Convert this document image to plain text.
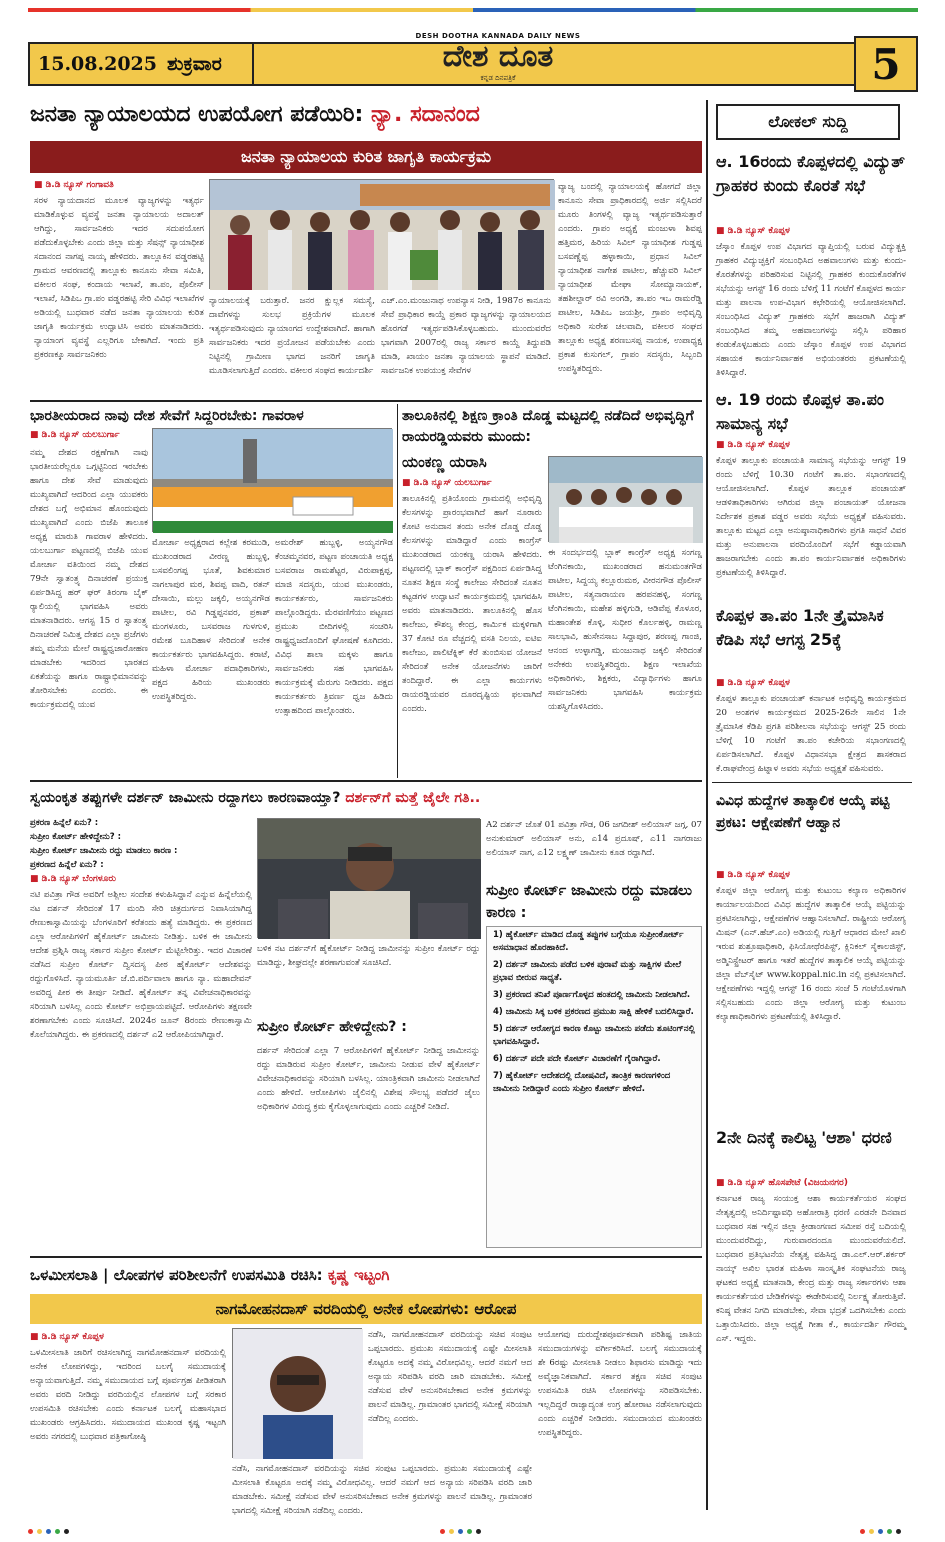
15.08.2025 ಶುಕ್ರವಾರ
DESH DOOTHA KANNADA DAILY NEWS
ದೇಶ ದೂತ
ಕನ್ನಡ ದಿನಪತ್ರಿಕೆ	5
ಜನತಾ ನ್ಯಾಯಾಲಯದ ಉಪಯೋಗ ಪಡೆಯಿರಿ: ನ್ಯಾ. ಸದಾನಂದ
ಜನತಾ ನ್ಯಾಯಾಲಯ ಕುರಿತ ಜಾಗೃತಿ ಕಾರ್ಯಕ್ರಮ
■ ಡಿ.ಡಿ ನ್ಯೂಸ್ ಗಂಗಾವತಿ
ಸರಳ ನ್ಯಾಯದಾನದ ಮೂಲಕ ವ್ಯಾಜ್ಯಗಳನ್ನು ಇತ್ಯರ್ಥ ಮಾಡಿಕೊಳ್ಳುವ ವ್ಯವಸ್ಥೆ ಜನತಾ ನ್ಯಾಯಾಲಯ ಅದಾಲತ್ ಆಗಿದ್ದು, ಸಾರ್ವಜನಿಕರು ಇದರ ಸದುಪಯೋಗ ಪಡೆದುಕೊಳ್ಳಬೇಕು ಎಂದು ಜಿಲ್ಲಾ ಮತ್ತು ಸೆಷನ್ಸ್ ನ್ಯಾಯಾಧೀಶ ಸದಾನಂದ ನಾಗಪ್ಪ ನಾಯ್ಕ ಹೇಳಿದರು. ತಾಲ್ಲೂಕಿನ ವಡ್ಡರಹಟ್ಟಿ ಗ್ರಾಮದ ಆವರಣದಲ್ಲಿ ತಾಲ್ಲೂಕು ಕಾನೂನು ಸೇವಾ ಸಮಿತಿ, ವಕೀಲರ ಸಂಘ, ಕಂದಾಯ ಇಲಾಖೆ, ತಾ.ಪಂ, ಪೊಲೀಸ್ ಇಲಾಖೆ, ಸಿಡಿಪಿಒ ಗ್ರಾ.ಪಂ ವಡ್ಡರಹಟ್ಟಿ ಸೇರಿ ವಿವಿಧ ಇಲಾಖೆಗಳ ಅಡಿಯಲ್ಲಿ ಬುಧವಾರ ನಡೆದ ಜನತಾ ನ್ಯಾಯಾಲಯ ಕುರಿತ ಜಾಗೃತಿ ಕಾರ್ಯಕ್ರಮ ಉದ್ಘಾಟಿಸಿ ಅವರು ಮಾತನಾಡಿದರು. ನ್ಯಾಯಾಂಗ ವ್ಯವಸ್ಥೆ ಎಲ್ಲರಿಗೂ ಬೇಕಾಗಿದೆ. ಇಂದು ಪ್ರತಿ ಪ್ರಕರಣಕ್ಕೂ ಸಾರ್ವಜನಿಕರು
ನ್ಯಾಯಾಲಯಕ್ಕೆ ಬರುತ್ತಾರೆ. ಜನರ ಕ್ಷುಲ್ಲಕ ಸಮಸ್ಯೆ, ದಾವೆಗಳನ್ನು ಸುಲಭ ಪ್ರಕ್ರಿಯೆಗಳ ಮೂಲಕ ಇತ್ಯರ್ಥಪಡಿಸುವುದು ನ್ಯಾಯಾಂಗದ ಉದ್ದೇಶವಾಗಿದೆ. ಹಾಗಾಗಿ ಸಾರ್ವಜನಿಕರು ಇದರ ಪ್ರಯೋಜನ ಪಡೆಯಬೇಕು ಎಂದು ನಿಟ್ಟಿನಲ್ಲಿ ಗ್ರಾಮೀಣ ಭಾಗದ ಜನರಿಗೆ ಜಾಗೃತಿ ಮೂಡಿಸಲಾಗುತ್ತಿದೆ ಎಂದರು. ವಕೀಲರ ಸಂಘದ ಕಾರ್ಯದರ್ಶಿ
ಎಚ್.ಎಂ.ಮಂಜುನಾಥ ಉಪನ್ಯಾಸ ನೀಡಿ, 1987ರ ಕಾನೂನು ಸೇವೆ ಪ್ರಾಧಿಕಾರ ಕಾಯ್ದೆ ಪ್ರಕಾರ ವ್ಯಾಜ್ಯಗಳನ್ನು ನ್ಯಾಯಾಲಯದ ಹೊರಗಡೆ ಇತ್ಯರ್ಥಪಡಿಸಿಕೊಳ್ಳಬಹುದು. ಮುಂದುವರೆದ ಭಾಗವಾಗಿ 2007ರಲ್ಲಿ ರಾಜ್ಯ ಸರ್ಕಾರ ಕಾಯ್ದೆ ತಿದ್ದುಪಡಿ ಮಾಡಿ, ಖಾಯಂ ಜನತಾ ನ್ಯಾಯಾಲಯ ಸ್ಥಾಪನೆ ಮಾಡಿದೆ. ಸಾರ್ವಜನಿಕ ಉಪಯುಕ್ತ ಸೇವೆಗಳ
ವ್ಯಾಜ್ಯ ಬಂದಲ್ಲಿ ನ್ಯಾಯಾಲಯಕ್ಕೆ ಹೋಗದೆ ಜಿಲ್ಲಾ ಕಾನೂನು ಸೇವಾ ಪ್ರಾಧಿಕಾರದಲ್ಲಿ ಅರ್ಜಿ ಸಲ್ಲಿಸಿದರೆ ಮೂರು ತಿಂಗಳಲ್ಲಿ ವ್ಯಾಜ್ಯ ಇತ್ಯರ್ಥಪಡಿಸುತ್ತಾರೆ ಎಂದರು. ಗ್ರಾಪಂ ಅಧ್ಯಕ್ಷೆ ಮಂಜುಳಾ ಶಿವಪ್ಪ ಹತ್ತಿಮರ, ಹಿರಿಯ ಸಿವಿಲ್ ನ್ಯಾಯಾಧೀಶ ಗುಡ್ಡಪ್ಪ ಬಸವಣ್ಣೆಪ್ಪ ಹಳ್ಳಾಕಾಯಿ, ಪ್ರಧಾನ ಸಿವಿಲ್ ನ್ಯಾಯಾಧೀಶ ನಾಗೇಶ ಪಾಟೀಲ, ಹೆಚ್ಚುವರಿ ಸಿವಿಲ್ ನ್ಯಾಯಾಧೀಶ ಮೇಘಾ ಸೋಮ್ಯಾನಾಯಕ್, ತಹಶೀಲ್ದಾರ್ ರವಿ ಅಂಗಡಿ, ತಾ.ಪಂ ಇಒ ರಾಮರೆಡ್ಡಿ ಪಾಟೀಲ, ಸಿಡಿಪಿಒ ಜಯಶ್ರೀ, ಗ್ರಾಪಂ ಅಭಿವೃದ್ಧಿ ಅಧಿಕಾರಿ ಸುರೇಶ ಚಲವಾದಿ, ವಕೀಲರ ಸಂಘದ ತಾಲ್ಲೂಕು ಅಧ್ಯಕ್ಷ ಶರಣಬಸಪ್ಪ ನಾಯಕ, ಉಪಾಧ್ಯಕ್ಷ ಪ್ರಕಾಶ ಕುಸುಗಲ್, ಗ್ರಾಪಂ ಸದಸ್ಯರು, ಸಿಬ್ಬಂದಿ ಉಪಸ್ಥಿತರಿದ್ದರು.
ಭಾರತೀಯರಾದ ನಾವು ದೇಶ ಸೇವೆಗೆ ಸಿದ್ದರಿರಬೇಕು: ಗಾವರಾಳ
■ ಡಿ.ಡಿ ನ್ಯೂಸ್ ಯಲಬುರ್ಗಾ
ನಮ್ಮ ದೇಶದ ರಕ್ಷಣೆಗಾಗಿ ನಾವು ಭಾರತೀಯರೆಲ್ಲರೂ ಒಗ್ಗಟ್ಟಿನಿಂದ ಇರಬೇಕು ಹಾಗೂ ದೇಶ ಸೇವೆ ಮಾಡುವುದು ಮುಖ್ಯವಾಗಿದೆ ಆದರಿಂದ ಎಲ್ಲಾ ಯುವಕರು ದೇಶದ ಬಗ್ಗೆ ಅಭಿಮಾನ ಹೊಂದುವುದು ಮುಖ್ಯವಾಗಿದೆ ಎಂದು ಬಿಜೆಪಿ ತಾಲೂಕ ಅಧ್ಯಕ್ಷ ಮಾರುತಿ ಗಾವರಾಳ ಹೇಳಿದರು. ಯಲಬುರ್ಗಾ ಪಟ್ಟಣದಲ್ಲಿ ಬಿಜೆಪಿ ಯುವ ಮೋರ್ಚಾ ವತಿಯಿಂದ ನಮ್ಮ ದೇಶದ 79ನೇ ಸ್ವಾತಂತ್ರ್ಯ ದಿನಾಚರಣೆ ಪ್ರಯುಕ್ತ ಏರ್ಪಡಿಸಿದ್ದ ಹರ್ ಘರ್ ತಿರಂಗಾ ಬೈಕ್ ರ‍್ಯಾಲಿಯಲ್ಲಿ ಭಾಗವಹಿಸಿ ಅವರು ಮಾತನಾಡಿದರು. ಆಗಸ್ಟ 15 ರ ಸ್ವಾತಂತ್ರ್ಯ ದಿನಾಚರಣೆ ನಿಮಿತ್ತ ದೇಶದ ಎಲ್ಲಾ ಪ್ರಜೆಗಳು ತಮ್ಮ ಮನೆಯ ಮೇಲೆ ರಾಷ್ಟ್ರಧ್ವಜಾರೋಹಣ ಮಾಡಬೇಕು ಇದರಿಂದ ಭಾರತದ ಏಕತೆಯನ್ನು ಹಾಗೂ ರಾಷ್ಟ್ರಾಭಿಮಾನವನ್ನು ತೋರಿಸಬೇಕು ಎಂದರು. ಈ ಕಾರ್ಯಕ್ರಮದಲ್ಲಿ ಯುವ
ಮೋರ್ಚಾ ಅಧ್ಯಕ್ಷರಾದ ಕಲ್ಲೇಶ ಕರಮುಡಿ, ಮುಖಂಡರಾದ ವೀರಣ್ಣ ಹುಬ್ಬಳ್ಳಿ, ಬಸವಲಿಂಗಪ್ಪ ಭೂತೆ, ಶಿವಕುಮಾರ ನಾಗಲಾಪುರ ಮಠ, ಶಿವಪ್ಪ ವಾದಿ, ರತನ್ ದೇಸಾಯಿ, ಮಲ್ಲು ಜಕ್ಕಲಿ, ಅಯ್ಯನಗೌಡ ಪಾಟೀಲ, ರವಿ ಗಿಡ್ಡಪ್ಪನವರ, ಪ್ರಕಾಶ್ ಮಂಗಳೂರು, ಬಸವರಾಜ ಗುಳಗುಳಿ, ರಮೇಶ ಬೂದಿಹಾಳ ಸೇರಿದಂತೆ ಅನೇಕ ಕಾರ್ಯಕರ್ತರು ಭಾಗವಹಿಸಿದ್ದರು. ಕರಾಟೆ, ಮಹಿಳಾ ಮೋರ್ಚಾ ಪದಾಧಿಕಾರಿಗಳು, ಪಕ್ಷದ ಹಿರಿಯ ಮುಖಂಡರು ಉಪಸ್ಥಿತರಿದ್ದರು.
ಅಮರೇಶ್ ಹುಬ್ಬಳ್ಳಿ, ಅಯ್ಯನಗೌಡ ಕೆಂಚಮ್ಮನವರ, ಪಟ್ಟಣ ಪಂಚಾಯತಿ ಅಧ್ಯಕ್ಷ ಬಸವರಾಜ ರಾಮಶೆಟ್ಟರ, ವಿರುಪಾಕ್ಷಪ್ಪ, ಮಾಜಿ ಸದಸ್ಯರು, ಯುವ ಮುಖಂಡರು, ಕಾರ್ಯಕರ್ತರು, ಸಾರ್ವಜನಿಕರು ಪಾಲ್ಗೊಂಡಿದ್ದರು. ಮೆರವಣಿಗೆಯು ಪಟ್ಟಣದ ಪ್ರಮುಖ ಬೀದಿಗಳಲ್ಲಿ ಸಂಚರಿಸಿ ರಾಷ್ಟ್ರಧ್ವಜದೊಂದಿಗೆ ಘೋಷಣೆ ಕೂಗಿದರು. ವಿವಿಧ ಶಾಲಾ ಮಕ್ಕಳು ಹಾಗೂ ಸಾರ್ವಜನಿಕರು ಸಹ ಭಾಗವಹಿಸಿ ಕಾರ್ಯಕ್ರಮಕ್ಕೆ ಮೆರುಗು ನೀಡಿದರು. ಪಕ್ಷದ ಕಾರ್ಯಕರ್ತರು ತ್ರಿವರ್ಣ ಧ್ವಜ ಹಿಡಿದು ಉತ್ಸಾಹದಿಂದ ಪಾಲ್ಗೊಂಡರು.
ತಾಲೂಕಿನಲ್ಲಿ ಶಿಕ್ಷಣ ಕ್ರಾಂತಿ ದೊಡ್ಡ ಮಟ್ಟದಲ್ಲಿ ನಡೆದಿದೆ ಅಭಿವೃದ್ಧಿಗೆ ರಾಯರಡ್ಡಿಯವರು ಮುಂದು:
ಯಂಕಣ್ಣ ಯರಾಸಿ
■ ಡಿ.ಡಿ ನ್ಯೂಸ್ ಯಲಬುರ್ಗಾ
ತಾಲೂಕಿನಲ್ಲಿ ಪ್ರತಿಯೊಂದು ಗ್ರಾಮದಲ್ಲಿ ಅಭಿವೃದ್ಧಿ ಕೆಲಸಗಳನ್ನು ಪ್ರಾರಂಭವಾಗಿದೆ ಹಾಗೆ ನೂರಾರು ಕೋಟಿ ಅನುದಾನ ತಂದು ಅನೇಕ ದೊಡ್ಡ ದೊಡ್ಡ ಕೆಲಸಗಳನ್ನು ಮಾಡಿದ್ದಾರೆ ಎಂದು ಕಾಂಗ್ರೆಸ್ ಮುಖಂಡರಾದ ಯಂಕಣ್ಣ ಯರಾಸಿ ಹೇಳಿದರು. ಪಟ್ಟಣದಲ್ಲಿ ಬ್ಲಾಕ್ ಕಾಂಗ್ರೆಸ್ ಪಕ್ಷದಿಂದ ಏರ್ಪಡಿಸಿದ್ದ ನೂತನ ಶಿಕ್ಷಣ ಸಂಸ್ಥೆ ಕಾಲೇಜು ಸೇರಿದಂತೆ ನೂತನ ಕಟ್ಟಡಗಳ ಉದ್ಘಾಟನೆ ಕಾರ್ಯಕ್ರಮದಲ್ಲಿ ಭಾಗವಹಿಸಿ ಅವರು ಮಾತನಾಡಿದರು. ತಾಲೂಕಿನಲ್ಲಿ ಹೊಸ ಕಾಲೇಜು, ಕೌಶಲ್ಯ ಕೇಂದ್ರ, ಕಾರ್ಮಿಕ ಮಕ್ಕಳಿಗಾಗಿ 37 ಕೋಟಿ ರೂ ವೆಚ್ಚದಲ್ಲಿ ವಸತಿ ನಿಲಯ, ಐಟಿಐ ಕಾಲೇಜು, ಪಾಲಿಟೆಕ್ನಿಕ್ ಕೆರೆ ತುಂಬಿಸುವ ಯೋಜನೆ ಸೇರಿದಂತೆ ಅನೇಕ ಯೋಜನೆಗಳು ಜಾರಿಗೆ ತಂದಿದ್ದಾರೆ. ಈ ಎಲ್ಲಾ ಕಾರ್ಯಗಳು ರಾಯರಡ್ಡಿಯವರ ದೂರದೃಷ್ಟಿಯ ಫಲವಾಗಿದೆ ಎಂದರು.
ಈ ಸಂದರ್ಭದಲ್ಲಿ ಬ್ಲಾಕ್ ಕಾಂಗ್ರೆಸ್ ಅಧ್ಯಕ್ಷ ಸಂಗಣ್ಣ ಟೆಂಗಿನಕಾಯಿ, ಮುಖಂಡರಾದ ಹನುಮಂತಗೌಡ ಪಾಟೀಲ, ಸಿದ್ದಯ್ಯ ಕಲ್ಲೂರುಮಠ, ವೀರನಗೌಡ ಪೊಲೀಸ್ ಪಾಟೀಲ, ಸತ್ಯನಾರಾಯಣ ಹರಪನಹಳ್ಳಿ, ಸಂಗಣ್ಣ ಟೆಂಗಿನಕಾಯಿ, ಮಹೇಶ ಹಳ್ಳಿಗುಡಿ, ಆಡಿವೆಪ್ಪ ಕೊಳೂರ, ಮಹಾಂತೇಶ ಕೊಳ್ಳಿ, ಸುಧೀರ ಕೊರ್ಲಹಳ್ಳಿ, ರಾಮಣ್ಣ ಸಾಲಭಾವಿ, ಹುಸೇನಸಾಬ ಸಿದ್ದಾಪುರ, ಶರಣಪ್ಪ ಗಾಂಜಿ, ಆನಂದ ಉಳ್ಳಾಗಡ್ಡಿ, ಮಂಜುನಾಥ ಜಕ್ಕಲಿ ಸೇರಿದಂತೆ ಅನೇಕರು ಉಪಸ್ಥಿತರಿದ್ದರು. ಶಿಕ್ಷಣ ಇಲಾಖೆಯ ಅಧಿಕಾರಿಗಳು, ಶಿಕ್ಷಕರು, ವಿದ್ಯಾರ್ಥಿಗಳು ಹಾಗೂ ಸಾರ್ವಜನಿಕರು ಭಾಗವಹಿಸಿ ಕಾರ್ಯಕ್ರಮ ಯಶಸ್ವಿಗೊಳಿಸಿದರು.
ಸ್ವಯಂಕೃತ ತಪ್ಪುಗಳೇ ದರ್ಶನ್ ಜಾಮೀನು ರದ್ದಾಗಲು ಕಾರಣವಾಯ್ತಾ? ದರ್ಶನ್‌ಗೆ ಮತ್ತೆ ಜೈಲೇ ಗತಿ..
ಪ್ರಕರಣ ಹಿನ್ನೆಲೆ ಏನು? :
ಸುಪ್ರೀಂ ಕೋರ್ಟ್ ಹೇಳಿದ್ದೇನು? :
ಸುಪ್ರೀಂ ಕೋರ್ಟ್ ಜಾಮೀನು ರದ್ದು ಮಾಡಲು ಕಾರಣ :
ಪ್ರಕರಣದ ಹಿನ್ನೆಲೆ ಏನು? :
■ ಡಿ.ಡಿ ನ್ಯೂಸ್ ಬೆಂಗಳೂರು
ನಟಿ ಪವಿತ್ರಾ ಗೌಡ ಅವರಿಗೆ ಅಶ್ಲೀಲ ಸಂದೇಶ ಕಳುಹಿಸಿದ್ದಾನೆ ಎನ್ನುವ ಹಿನ್ನೆಲೆಯಲ್ಲಿ ನಟ ದರ್ಶನ್ ಸೇರಿದಂತೆ 17 ಮಂದಿ ಸೇರಿ ಚಿತ್ರದುರ್ಗದ ನಿವಾಸಿಯಾಗಿದ್ದ ರೇಣುಕಾಸ್ವಾಮಿಯನ್ನು ಬೆಂಗಳೂರಿಗೆ ಕರೆತಂದು ಹತ್ಯೆ ಮಾಡಿದ್ದರು. ಈ ಪ್ರಕರಣದ ಎಲ್ಲಾ ಆರೋಪಿಗಳಿಗೆ ಹೈಕೋರ್ಟ್ ಜಾಮೀನು ನೀಡಿತ್ತು. ಬಳಿಕ ಈ ಜಾಮೀನು ಆದೇಶ ಪ್ರಶ್ನಿಸಿ ರಾಜ್ಯ ಸರ್ಕಾರ ಸುಪ್ರೀಂ ಕೋರ್ಟ್ ಮೆಟ್ಟಿಲೇರಿತ್ತು. ಇದರ ವಿಚಾರಣೆ ನಡೆಸಿದ ಸುಪ್ರೀಂ ಕೋರ್ಟ್ ದ್ವಿಸದಸ್ಯ ಪೀಠ ಹೈಕೋರ್ಟ್ ಆದೇಶವನ್ನು ರದ್ದುಗೊಳಿಸಿದೆ. ನ್ಯಾಯಮೂರ್ತಿ ಜೆ.ಬಿ.ಪರ್ದಿವಾಲಾ ಹಾಗೂ ನ್ಯಾ. ಮಹಾದೇವನ್ ಅವರಿದ್ದ ಪೀಠ ಈ ತೀರ್ಪು ನೀಡಿದೆ. ಹೈಕೋರ್ಟ್ ತನ್ನ ವಿವೇಚನಾಧಿಕಾರವನ್ನು ಸರಿಯಾಗಿ ಬಳಸಿಲ್ಲ ಎಂದು ಕೋರ್ಟ್ ಅಭಿಪ್ರಾಯಪಟ್ಟಿದೆ. ಆರೋಪಿಗಳು ತಕ್ಷಣವೇ ಶರಣಾಗಬೇಕು ಎಂದು ಸೂಚಿಸಿದೆ. 2024ರ ಜೂನ್ 8ರಂದು ರೇಣುಕಾಸ್ವಾಮಿ ಕೊಲೆಯಾಗಿದ್ದರು. ಈ ಪ್ರಕರಣದಲ್ಲಿ ದರ್ಶನ್ ಎ2 ಆರೋಪಿಯಾಗಿದ್ದಾರೆ.
ಬಳಿಕ ನಟ ದರ್ಶನ್‌ಗೆ ಹೈಕೋರ್ಟ್ ನೀಡಿದ್ದ ಜಾಮೀನನ್ನು ಸುಪ್ರೀಂ ಕೋರ್ಟ್ ರದ್ದು ಮಾಡಿದ್ದು, ಶೀಘ್ರದಲ್ಲೇ ಶರಣಾಗುವಂತೆ ಸೂಚಿಸಿದೆ.
ಸುಪ್ರೀಂ ಕೋರ್ಟ್ ಹೇಳಿದ್ದೇನು? :
ದರ್ಶನ್ ಸೇರಿದಂತೆ ಎಲ್ಲಾ 7 ಆರೋಪಿಗಳಿಗೆ ಹೈಕೋರ್ಟ್ ನೀಡಿದ್ದ ಜಾಮೀನನ್ನು ರದ್ದು ಮಾಡಿರುವ ಸುಪ್ರೀಂ ಕೋರ್ಟ್, ಜಾಮೀನು ನೀಡುವ ವೇಳೆ ಹೈಕೋರ್ಟ್ ವಿವೇಚನಾಧಿಕಾರವನ್ನು ಸರಿಯಾಗಿ ಬಳಸಿಲ್ಲ. ಯಾಂತ್ರಿಕವಾಗಿ ಜಾಮೀನು ನೀಡಲಾಗಿದೆ ಎಂದು ಹೇಳಿದೆ. ಆರೋಪಿಗಳು ಜೈಲಿನಲ್ಲಿ ವಿಶೇಷ ಸೌಲಭ್ಯ ಪಡೆದರೆ ಜೈಲು ಅಧಿಕಾರಿಗಳ ವಿರುದ್ಧ ಕ್ರಮ ಕೈಗೊಳ್ಳಲಾಗುವುದು ಎಂದು ಎಚ್ಚರಿಕೆ ನೀಡಿದೆ.
A2 ದರ್ಶನ್ ಜೊತೆ 01 ಪವಿತ್ರಾ ಗೌಡ, 06 ಜಗದೀಶ್ ಅಲಿಯಾಸ್ ಜಗ್ಗ, 07 ಅನುಕುಮಾರ್ ಅಲಿಯಾಸ್ ಅನು, ಎ14 ಪ್ರದೂಷ್, ಎ11 ನಾಗರಾಜು ಅಲಿಯಾಸ್ ನಾಗ, ಎ12 ಲಕ್ಷ್ಮಣ್ ಜಾಮೀನು ಕೂಡ ರದ್ದಾಗಿದೆ.
ಸುಪ್ರೀಂ ಕೋರ್ಟ್ ಜಾಮೀನು ರದ್ದು ಮಾಡಲು ಕಾರಣ :
1) ಹೈಕೋರ್ಟ್ ಮಾಡಿದ ದೊಡ್ಡ ತಪ್ಪುಗಳ ಬಗ್ಗೆಯೂ ಸುಪ್ರೀಂಕೋರ್ಟ್ ಅಸಮಾಧಾನ ಹೊರಹಾಕಿದೆ.
2) ದರ್ಶನ್ ಜಾಮೀನು ಪಡೆದ ಬಳಿಕ ಪುರಾವೆ ಮತ್ತು ಸಾಕ್ಷಿಗಳ ಮೇಲೆ ಪ್ರಭಾವ ಬೀರುವ ಸಾಧ್ಯತೆ.
3) ಪ್ರಕರಣದ ತನಿಖೆ ಪೂರ್ಣಗೊಳ್ಳದ ಹಂತದಲ್ಲಿ ಜಾಮೀನು ನೀಡಲಾಗಿದೆ.
4) ಜಾಮೀನು ಸಿಕ್ಕ ಬಳಿಕ ಪ್ರಕರಣದ ಪ್ರಮುಖ ಸಾಕ್ಷಿ ಹೇಳಿಕೆ ಬದಲಿಸಿದ್ದಾರೆ.
5) ದರ್ಶನ್ ಆರೋಗ್ಯದ ಕಾರಣ ಕೊಟ್ಟು ಜಾಮೀನು ಪಡೆದು ಶೂಟಿಂಗ್‌ನಲ್ಲಿ ಭಾಗವಹಿಸಿದ್ದಾರೆ.
6) ದರ್ಶನ್ ಪದೇ ಪದೇ ಕೋರ್ಟ್ ವಿಚಾರಣೆಗೆ ಗೈರಾಗಿದ್ದಾರೆ.
7) ಹೈಕೋರ್ಟ್ ಆದೇಶದಲ್ಲಿ ದೋಷವಿದೆ, ತಾಂತ್ರಿಕ ಕಾರಣಗಳಿಂದ ಜಾಮೀನು ನೀಡಿದ್ದಾರೆ ಎಂದು ಸುಪ್ರೀಂ ಕೋರ್ಟ್ ಹೇಳಿದೆ.
ಒಳಮೀಸಲಾತಿ | ಲೋಪಗಳ ಪರಿಶೀಲನೆಗೆ ಉಪಸಮಿತಿ ರಚಿಸಿ: ಕೃಷ್ಣ ಇಟ್ಟಂಗಿ
ನಾಗಮೋಹನದಾಸ್ ವರದಿಯಲ್ಲಿ ಅನೇಕ ಲೋಪಗಳು: ಆರೋಪ
■ ಡಿ.ಡಿ ನ್ಯೂಸ್ ಕೊಪ್ಪಳ
ಒಳಮೀಸಲಾತಿ ಜಾರಿಗೆ ರಚಿಸಲಾಗಿದ್ದ ನಾಗಮೋಹನದಾಸ್ ವರದಿಯಲ್ಲಿ ಅನೇಕ ಲೋಪಗಳಿದ್ದು, ಇದರಿಂದ ಬಲಗೈ ಸಮುದಾಯಕ್ಕೆ ಅನ್ಯಾಯವಾಗುತ್ತಿದೆ. ನಮ್ಮ ಸಮುದಾಯದ ಬಗ್ಗೆ ಪೂರ್ವಗ್ರಹ ಪೀಡಿತರಾಗಿ ಅವರು ವರದಿ ನೀಡಿದ್ದು ವರದಿಯಲ್ಲಿನ ಲೋಪಗಳ ಬಗ್ಗೆ ಸರಕಾರ ಉಪಸಮಿತಿ ರಚಿಸಬೇಕು ಎಂದು ಕರ್ನಾಟಕ ಬಲಗೈ ಮಹಾಸಭಾದ ಮುಖಂಡರು ಆಗ್ರಹಿಸಿದರು. ಸಮುದಾಯದ ಮುಖಂಡ ಕೃಷ್ಣ ಇಟ್ಟಂಗಿ ಅವರು ನಗರದಲ್ಲಿ ಬುಧವಾರ ಪತ್ರಿಕಾಗೋಷ್ಠಿ
ನಡೆಸಿ, ನಾಗಮೋಹನದಾಸ್ ವರದಿಯನ್ನು ಸಚಿವ ಸಂಪುಟ ಒಪ್ಪಬಾರದು. ಪ್ರಮುಖ ಸಮುದಾಯಕ್ಕೆ ಎಷ್ಟೇ ಮೀಸಲಾತಿ ಕೊಟ್ಟರೂ ಅದಕ್ಕೆ ನಮ್ಮ ವಿರೋಧವಿಲ್ಲ. ಆದರೆ ನಮಗೆ ಆದ ಅನ್ಯಾಯ ಸರಿಪಡಿಸಿ ವರದಿ ಜಾರಿ ಮಾಡಬೇಕು. ಸಮೀಕ್ಷೆ ನಡೆಸುವ ವೇಳೆ ಅನುಸರಿಸಬೇಕಾದ ಅನೇಕ ಕ್ರಮಗಳನ್ನು ಪಾಲನೆ ಮಾಡಿಲ್ಲ. ಗ್ರಾಮಾಂತರ ಭಾಗದಲ್ಲಿ ಸಮೀಕ್ಷೆ ಸರಿಯಾಗಿ ನಡೆದಿಲ್ಲ ಎಂದರು.
ನಡೆಸಿ, ನಾಗಮೋಹನದಾಸ್ ವರದಿಯನ್ನು ಸಚಿವ ಸಂಪುಟ ಒಪ್ಪಬಾರದು. ಪ್ರಮುಖ ಸಮುದಾಯಕ್ಕೆ ಎಷ್ಟೇ ಮೀಸಲಾತಿ ಕೊಟ್ಟರೂ ಅದಕ್ಕೆ ನಮ್ಮ ವಿರೋಧವಿಲ್ಲ. ಆದರೆ ನಮಗೆ ಆದ ಅನ್ಯಾಯ ಸರಿಪಡಿಸಿ ವರದಿ ಜಾರಿ ಮಾಡಬೇಕು. ಸಮೀಕ್ಷೆ ನಡೆಸುವ ವೇಳೆ ಅನುಸರಿಸಬೇಕಾದ ಅನೇಕ ಕ್ರಮಗಳನ್ನು ಪಾಲನೆ ಮಾಡಿಲ್ಲ. ಗ್ರಾಮಾಂತರ ಭಾಗದಲ್ಲಿ ಸಮೀಕ್ಷೆ ಸರಿಯಾಗಿ ನಡೆದಿಲ್ಲ ಎಂದರು.
ಆಯೋಗವು ದುರುದ್ದೇಶಪೂರ್ವಕವಾಗಿ ಪರಿಶಿಷ್ಟ ಜಾತಿಯ ಸಮುದಾಯಗಳನ್ನು ವರ್ಗೀಕರಿಸಿದೆ. ಬಲಗೈ ಸಮುದಾಯಕ್ಕೆ ಶೇ 6ರಷ್ಟು ಮೀಸಲಾತಿ ನೀಡಲು ಶಿಫಾರಸು ಮಾಡಿದ್ದು ಇದು ಅವೈಜ್ಞಾನಿಕವಾಗಿದೆ. ಸರ್ಕಾರ ತಕ್ಷಣ ಸಚಿವ ಸಂಪುಟ ಉಪಸಮಿತಿ ರಚಿಸಿ ಲೋಪಗಳನ್ನು ಸರಿಪಡಿಸಬೇಕು. ಇಲ್ಲದಿದ್ದರೆ ರಾಜ್ಯಾದ್ಯಂತ ಉಗ್ರ ಹೋರಾಟ ನಡೆಸಲಾಗುವುದು ಎಂದು ಎಚ್ಚರಿಕೆ ನೀಡಿದರು. ಸಮುದಾಯದ ಮುಖಂಡರು ಉಪಸ್ಥಿತರಿದ್ದರು.
ಲೋಕಲ್ ಸುದ್ದಿ
ಆ. 16ರಂದು ಕೊಪ್ಪಳದಲ್ಲಿ ವಿದ್ಯುತ್ ಗ್ರಾಹಕರ ಕುಂದು ಕೊರತೆ ಸಭೆ
■ ಡಿ.ಡಿ ನ್ಯೂಸ್ ಕೊಪ್ಪಳ
ಜೆಸ್ಕಾಂ ಕೊಪ್ಪಳ ಉಪ ವಿಭಾಗದ ವ್ಯಾಪ್ತಿಯಲ್ಲಿ ಬರುವ ವಿದ್ಯುತ್ಚಕ್ತಿ ಗ್ರಾಹಕರ ವಿದ್ಯುಚ್ಛಕ್ತಿಗೆ ಸಂಬಂಧಿಸಿದ ಅಹವಾಲುಗಳು ಮತ್ತು ಕುಂದು-ಕೊರತೆಗಳನ್ನು ಪರಿಹರಿಸುವ ನಿಟ್ಟಿನಲ್ಲಿ ಗ್ರಾಹಕರ ಕುಂದುಕೊರತೆಗಳ ಸಭೆಯನ್ನು ಆಗಸ್ಟ್ 16 ರಂದು ಬೆಳಿಗ್ಗೆ 11 ಗಂಟೆಗೆ ಕೊಪ್ಪಳದ ಕಾರ್ಯ ಮತ್ತು ಪಾಲನಾ ಉಪ-ವಿಭಾಗ ಕಛೇರಿಯಲ್ಲಿ ಆಯೋಜಿಸಲಾಗಿದೆ. ಸಂಬಂಧಿಸಿದ ವಿದ್ಯುತ್ ಗ್ರಾಹಕರು ಸಭೆಗೆ ಹಾಜರಾಗಿ ವಿದ್ಯುತ್ ಸಂಬಂಧಿಸಿದ ತಮ್ಮ ಅಹವಾಲುಗಳನ್ನು ಸಲ್ಲಿಸಿ ಪರಿಹಾರ ಕಂಡುಕೊಳ್ಳಬಹುದು ಎಂದು ಜೆಸ್ಕಾಂ ಕೊಪ್ಪಳ ಉಪ ವಿಭಾಗದ ಸಹಾಯಕ ಕಾರ್ಯನಿರ್ವಾಹಕ ಅಭಿಯಂತರರು ಪ್ರಕಟಣೆಯಲ್ಲಿ ತಿಳಿಸಿದ್ದಾರೆ.
ಆ. 19 ರಂದು ಕೊಪ್ಪಳ ತಾ.ಪಂ ಸಾಮಾನ್ಯ ಸಭೆ
■ ಡಿ.ಡಿ ನ್ಯೂಸ್ ಕೊಪ್ಪಳ
ಕೊಪ್ಪಳ ತಾಲ್ಲೂಕು ಪಂಚಾಯತಿ ಸಾಮಾನ್ಯ ಸಭೆಯನ್ನು ಆಗಸ್ಟ್ 19 ರಂದು ಬೆಳಿಗ್ಗೆ 10.30 ಗಂಟೆಗೆ ತಾ.ಪಂ. ಸಭಾಂಗಣದಲ್ಲಿ ಆಯೋಜಿಸಲಾಗಿದೆ. ಕೊಪ್ಪಳ ತಾಲ್ಲೂಕ ಪಂಚಾಯತ್ ಆಡಳಿತಾಧಿಕಾರಿಗಳು ಆಗಿರುವ ಜಿಲ್ಲಾ ಪಂಚಾಯತ್ ಯೋಜನಾ ನಿರ್ದೇಶಕ ಪ್ರಕಾಶ ವಡ್ಡರ ಅವರು ಸಭೆಯ ಅಧ್ಯಕ್ಷತೆ ವಹಿಸುವರು. ತಾಲ್ಲೂಕು ಮಟ್ಟದ ಎಲ್ಲಾ ಅನುಷ್ಠಾನಾಧಿಕಾರಿಗಳು ಪ್ರಗತಿ ಸಾಧನೆ ವಿವರ ಮತ್ತು ಅನುಪಾಲನಾ ವರದಿಯೊಂದಿಗೆ ಸಭೆಗೆ ಕಡ್ಡಾಯವಾಗಿ ಹಾಜರಾಗಬೇಕು ಎಂದು ತಾ.ಪಂ ಕಾರ್ಯನಿರ್ವಾಹಕ ಅಧಿಕಾರಿಗಳು ಪ್ರಕಟಣೆಯಲ್ಲಿ ತಿಳಿಸಿದ್ದಾರೆ.
ಕೊಪ್ಪಳ ತಾ.ಪಂ 1ನೇ ತ್ರೈಮಾಸಿಕ ಕೆಡಿಪಿ ಸಭೆ ಆಗಸ್ಟ 25ಕ್ಕೆ
■ ಡಿ.ಡಿ ನ್ಯೂಸ್ ಕೊಪ್ಪಳ
ಕೊಪ್ಪಳ ತಾಲ್ಲೂಕು ಪಂಚಾಯತ್ ಕರ್ನಾಟಕ ಅಭಿವೃದ್ಧಿ ಕಾರ್ಯಕ್ರಮದ 20 ಅಂಶಗಳ ಕಾರ್ಯಕ್ರಮದ 2025-26ನೇ ಸಾಲಿನ 1ನೇ ತ್ರೈಮಾಸಿಕ ಕೆಡಿಪಿ ಪ್ರಗತಿ ಪರಿಶೀಲನಾ ಸಭೆಯನ್ನು ಆಗಸ್ಟ್ 25 ರಂದು ಬೆಳಿಗ್ಗೆ 10 ಗಂಟೆಗೆ ತಾ.ಪಂ ಕಚೇರಿಯ ಸಭಾಂಗಣದಲ್ಲಿ ಏರ್ಪಡಿಸಲಾಗಿದೆ. ಕೊಪ್ಪಳ ವಿಧಾನಸಭಾ ಕ್ಷೇತ್ರದ ಶಾಸಕರಾದ ಕೆ.ರಾಘವೇಂದ್ರ ಹಿಟ್ನಾಳ ಅವರು ಸಭೆಯ ಅಧ್ಯಕ್ಷತೆ ವಹಿಸುವರು.
ವಿವಿಧ ಹುದ್ದೆಗಳ ತಾತ್ಕಾಲಿಕ ಆಯ್ಕೆ ಪಟ್ಟಿ ಪ್ರಕಟ: ಆಕ್ಷೇಪಣೆಗೆ ಆಹ್ವಾನ
■ ಡಿ.ಡಿ ನ್ಯೂಸ್ ಕೊಪ್ಪಳ
ಕೊಪ್ಪಳ ಜಿಲ್ಲಾ ಆರೋಗ್ಯ ಮತ್ತು ಕುಟುಂಬ ಕಲ್ಯಾಣ ಅಧಿಕಾರಿಗಳ ಕಾರ್ಯಾಲಯದಿಂದ ವಿವಿಧ ಹುದ್ದೆಗಳ ತಾತ್ಕಾಲಿಕ ಆಯ್ಕೆ ಪಟ್ಟಿಯನ್ನು ಪ್ರಕಟಿಸಲಾಗಿದ್ದು, ಆಕ್ಷೇಪಣೆಗಳ ಆಹ್ವಾನಿಸಲಾಗಿದೆ. ರಾಷ್ಟ್ರೀಯ ಆರೋಗ್ಯ ಮಿಷನ್ (ಎನ್.ಹೆಚ್.ಎಂ) ಅಡಿಯಲ್ಲಿ ಗುತ್ತಿಗೆ ಆಧಾರದ ಮೇಲೆ ಖಾಲಿ ಇರುವ ಶುಶ್ರೂಷಾಧಿಕಾರಿ, ಫಿಸಿಯೋಥೆರಪಿಸ್ಟ್, ಕ್ಲಿನಿಕಲ್ ಸೈಕಾಲಜಿಸ್ಟ್, ಅಡ್ಮಿನಿಸ್ಟ್ರೇಟರ್ ಹಾಗೂ ಇತರೆ ಹುದ್ದೆಗಳ ತಾತ್ಕಾಲಿಕ ಆಯ್ಕೆ ಪಟ್ಟಿಯನ್ನು ಜಿಲ್ಲಾ ವೆಬ್‌ಸೈಟ್ www.koppal.nic.in ನಲ್ಲಿ ಪ್ರಕಟಿಸಲಾಗಿದೆ. ಆಕ್ಷೇಪಣೆಗಳು ಇದ್ದಲ್ಲಿ ಆಗಸ್ಟ್ 16 ರಂದು ಸಂಜೆ 5 ಗಂಟೆಯೊಳಗಾಗಿ ಸಲ್ಲಿಸಬಹುದು ಎಂದು ಜಿಲ್ಲಾ ಆರೋಗ್ಯ ಮತ್ತು ಕುಟುಂಬ ಕಲ್ಯಾಣಾಧಿಕಾರಿಗಳು ಪ್ರಕಟಣೆಯಲ್ಲಿ ತಿಳಿಸಿದ್ದಾರೆ.
2ನೇ ದಿನಕ್ಕೆ ಕಾಲಿಟ್ಟ 'ಆಶಾ' ಧರಣಿ
■ ಡಿ.ಡಿ ನ್ಯೂಸ್ ಹೊಸಪೇಟೆ (ವಿಜಯನಗರ)
ಕರ್ನಾಟಕ ರಾಜ್ಯ ಸಂಯುಕ್ತ ಆಶಾ ಕಾರ್ಯಕರ್ತೆಯರ ಸಂಘದ ನೇತೃತ್ವದಲ್ಲಿ ಅನಿರ್ದಿಷ್ಟಾವಧಿ ಅಹೋರಾತ್ರಿ ಧರಣಿ ಎರಡನೇ ದಿನವಾದ ಬುಧವಾರ ಸಹ ಇಲ್ಲಿನ ಜಿಲ್ಲಾ ಕ್ರೀಡಾಂಗಣದ ಸಮೀಪ ರಸ್ತೆ ಬದಿಯಲ್ಲಿ ಮುಂದುವರೆದಿದ್ದು, ಗುರುವಾರದಂದೂ ಮುಂದುವರೆಯಲಿದೆ. ಬುಧವಾರ ಪ್ರತಿಭಟನೆಯ ನೇತೃತ್ವ ವಹಿಸಿದ್ದ ಡಾ.ಎಲ್.ಆರ್.ಶರ್ಕರ್ ನಾಯ್ಕ್ ಅಖಿಲ ಭಾರತ ಮಹಿಳಾ ಸಾಂಸ್ಕೃತಿಕ ಸಂಘಟನೆಯ ರಾಜ್ಯ ಘಟಕದ ಅಧ್ಯಕ್ಷೆ ಮಾತನಾಡಿ, ಕೇಂದ್ರ ಮತ್ತು ರಾಜ್ಯ ಸರ್ಕಾರಗಳು ಆಶಾ ಕಾರ್ಯಕರ್ತೆಯರ ಬೇಡಿಕೆಗಳನ್ನು ಈಡೇರಿಸುವಲ್ಲಿ ನಿರ್ಲಕ್ಷ್ಯ ತೋರುತ್ತಿವೆ. ಕನಿಷ್ಠ ವೇತನ ನಿಗದಿ ಮಾಡಬೇಕು, ಸೇವಾ ಭದ್ರತೆ ಒದಗಿಸಬೇಕು ಎಂದು ಒತ್ತಾಯಿಸಿದರು. ಜಿಲ್ಲಾ ಅಧ್ಯಕ್ಷೆ ಗೀತಾ ಕೆ., ಕಾರ್ಯದರ್ಶಿ ಗೌರಮ್ಮ ಎಸ್. ಇದ್ದರು.
